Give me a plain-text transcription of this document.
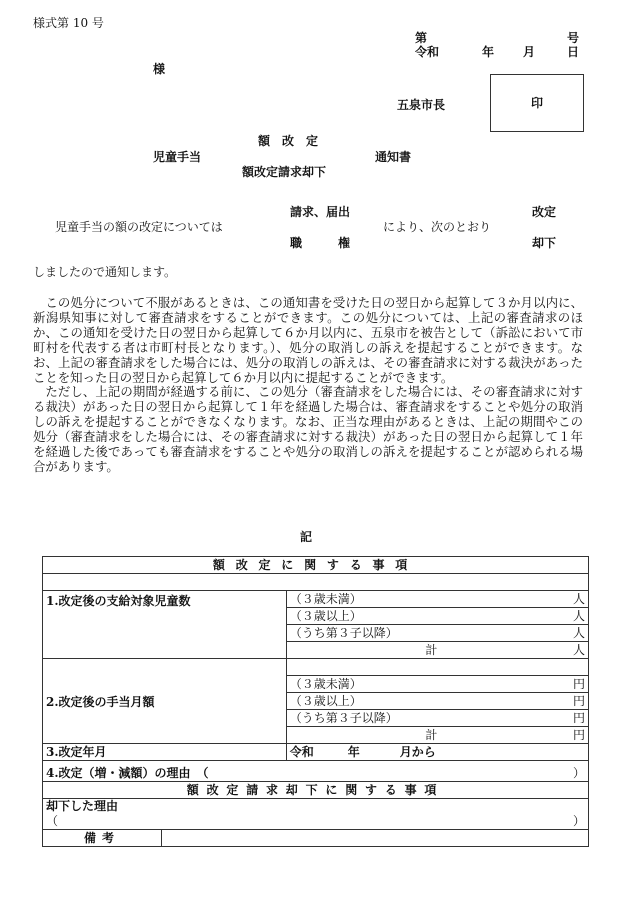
様式第 10 号
第	号
令和	年 月	日
様
五泉市長	印
額　改　定
児童手当	通知書
額改定請求却下
請求、届出	改定
児童手当の額の改定については	により、次のとおり
職　　　権	却下
しましたので通知します。

この処分について不服があるときは、この通知書を受けた日の翌日から起算して３か月以内に、新潟県知事に対して審査請求をすることができます。この処分については、上記の審査請求のほか、この通知を受けた日の翌日から起算して６か月以内に、五泉市を被告として（訴訟において市町村を代表する者は市町村長となります。）、処分の取消しの訴えを提起することができます。なお、上記の審査請求をした場合には、処分の取消しの訴えは、その審査請求に対する裁決があったことを知った日の翌日から起算して６か月以内に提起することができます。

ただし、上記の期間が経過する前に、この処分（審査請求をした場合には、その審査請求に対する裁決）があった日の翌日から起算して１年を経過した場合は、審査請求をすることや処分の取消しの訴えを提起することができなくなります。なお、正当な理由があるときは、上記の期間やこの処分（審査請求をした場合には、その審査請求に対する裁決）があった日の翌日から起算して１年を経過した後であっても審査請求をすることや処分の取消しの訴えを提起することが認められる場合があります。

記
額改定に関する事項	

1.改定後の支給対象児童数	（３歳未満） 人

	（３歳以上） 人

	（うち第３子以降） 人

	計 人

2.改定後の手当月額	

	（３歳未満） 円

	（３歳以上） 円

	（うち第３子以降） 円

	計 円

3.改定年月	令和 年 月から

4.改定（増・減額）の理由　（ ）	

額改定請求却下に関する事項	

却下した理由
（ ）	

備考	
